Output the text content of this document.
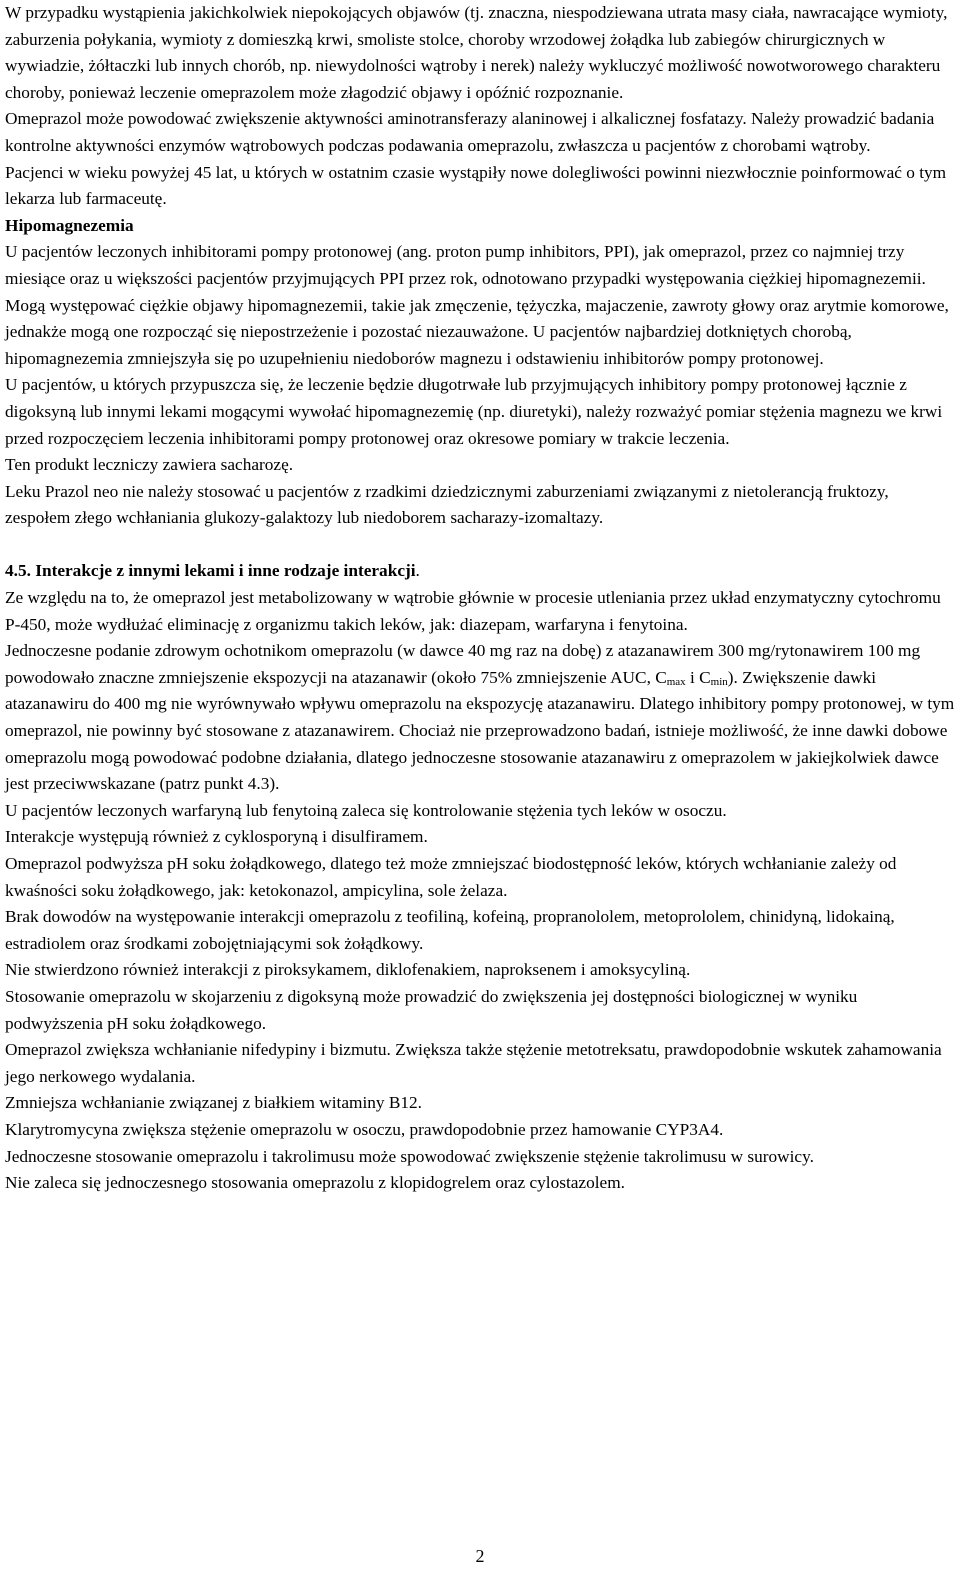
W przypadku wystąpienia jakichkolwiek niepokojących objawów (tj. znaczna, niespodziewana utrata masy ciała, nawracające wymioty, zaburzenia połykania, wymioty z domieszką krwi, smoliste stolce, choroby wrzodowej żołądka lub zabiegów chirurgicznych w wywiadzie, żółtaczki lub innych chorób, np. niewydolności wątroby i nerek) należy wykluczyć możliwość nowotworowego charakteru choroby, ponieważ leczenie omeprazolem może złagodzić objawy i opóźnić rozpoznanie.

Omeprazol może powodować zwiększenie aktywności aminotransferazy alaninowej i alkalicznej fosfatazy. Należy prowadzić badania kontrolne aktywności enzymów wątrobowych podczas podawania omeprazolu, zwłaszcza u pacjentów z chorobami wątroby.

Pacjenci w wieku powyżej 45 lat, u których w ostatnim czasie wystąpiły nowe dolegliwości powinni niezwłocznie poinformować o tym lekarza lub farmaceutę.

Hipomagnezemia

U pacjentów leczonych inhibitorami pompy protonowej (ang. proton pump inhibitors, PPI), jak omeprazol, przez co najmniej trzy miesiące oraz u większości pacjentów przyjmujących PPI przez rok, odnotowano przypadki występowania ciężkiej hipomagnezemii. Mogą występować ciężkie objawy hipomagnezemii, takie jak zmęczenie, tężyczka, majaczenie, zawroty głowy oraz arytmie komorowe, jednakże mogą one rozpocząć się niepostrzeżenie i pozostać niezauważone. U pacjentów najbardziej dotkniętych chorobą, hipomagnezemia zmniejszyła się po uzupełnieniu niedoborów magnezu i odstawieniu inhibitorów pompy protonowej.

U pacjentów, u których przypuszcza się, że leczenie będzie długotrwałe lub przyjmujących inhibitory pompy protonowej łącznie z digoksyną lub innymi lekami mogącymi wywołać hipomagnezemię (np. diuretyki), należy rozważyć pomiar stężenia magnezu we krwi przed rozpoczęciem leczenia inhibitorami pompy protonowej oraz okresowe pomiary w trakcie leczenia.

Ten produkt leczniczy zawiera sacharozę.

Leku Prazol neo nie należy stosować u pacjentów z rzadkimi dziedzicznymi zaburzeniami związanymi z nietolerancją fruktozy, zespołem złego wchłaniania glukozy-galaktozy lub niedoborem sacharazy-izomaltazy.

4.5. Interakcje z innymi lekami i inne rodzaje interakcji.

Ze względu na to, że omeprazol jest metabolizowany w wątrobie głównie w procesie utleniania przez układ enzymatyczny cytochromu P-450, może wydłużać eliminację z organizmu takich leków, jak: diazepam, warfaryna i fenytoina.

Jednoczesne podanie zdrowym ochotnikom omeprazolu (w dawce 40 mg raz na dobę) z atazanawirem 300 mg/rytonawirem 100 mg powodowało znaczne zmniejszenie ekspozycji na atazanawir (około 75% zmniejszenie AUC, $C_{max}$ i $C_{min}$). Zwiększenie dawki atazanawiru do 400 mg nie wyrównywało wpływu omeprazolu na ekspozycję atazanawiru. Dlatego inhibitory pompy protonowej, w tym omeprazol, nie powinny być stosowane z atazanawirem. Chociaż nie przeprowadzono badań, istnieje możliwość, że inne dawki dobowe omeprazolu mogą powodować podobne działania, dlatego jednoczesne stosowanie atazanawiru z omeprazolem w jakiejkolwiek dawce jest przeciwwskazane (patrz punkt 4.3).

U pacjentów leczonych warfaryną lub fenytoiną zaleca się kontrolowanie stężenia tych leków w osoczu.

Interakcje występują również z cyklosporyną i disulfiramem.

Omeprazol podwyższa pH soku żołądkowego, dlatego też może zmniejszać biodostępność leków, których wchłanianie zależy od kwaśności soku żołądkowego, jak: ketokonazol, ampicylina, sole żelaza.

Brak dowodów na występowanie interakcji omeprazolu z teofiliną, kofeiną, propranololem, metoprololem, chinidyną, lidokainą, estradiolem oraz środkami zobojętniającymi sok żołądkowy.

Nie stwierdzono również interakcji z piroksykamem, diklofenakiem, naproksenem i amoksycyliną.

Stosowanie omeprazolu w skojarzeniu z digoksyną może prowadzić do zwiększenia jej dostępności biologicznej w wyniku podwyższenia pH soku żołądkowego.

Omeprazol zwiększa wchłanianie nifedypiny i bizmutu. Zwiększa także stężenie metotreksatu, prawdopodobnie wskutek zahamowania jego nerkowego wydalania.

Zmniejsza wchłanianie związanej z białkiem witaminy B12.

Klarytromycyna zwiększa stężenie omeprazolu w osoczu, prawdopodobnie przez hamowanie CYP3A4.

Jednoczesne stosowanie omeprazolu i takrolimusu może spowodować zwiększenie stężenie takrolimusu w surowicy.

Nie zaleca się jednoczesnego stosowania omeprazolu z klopidogrelem oraz cylostazolem.

2
